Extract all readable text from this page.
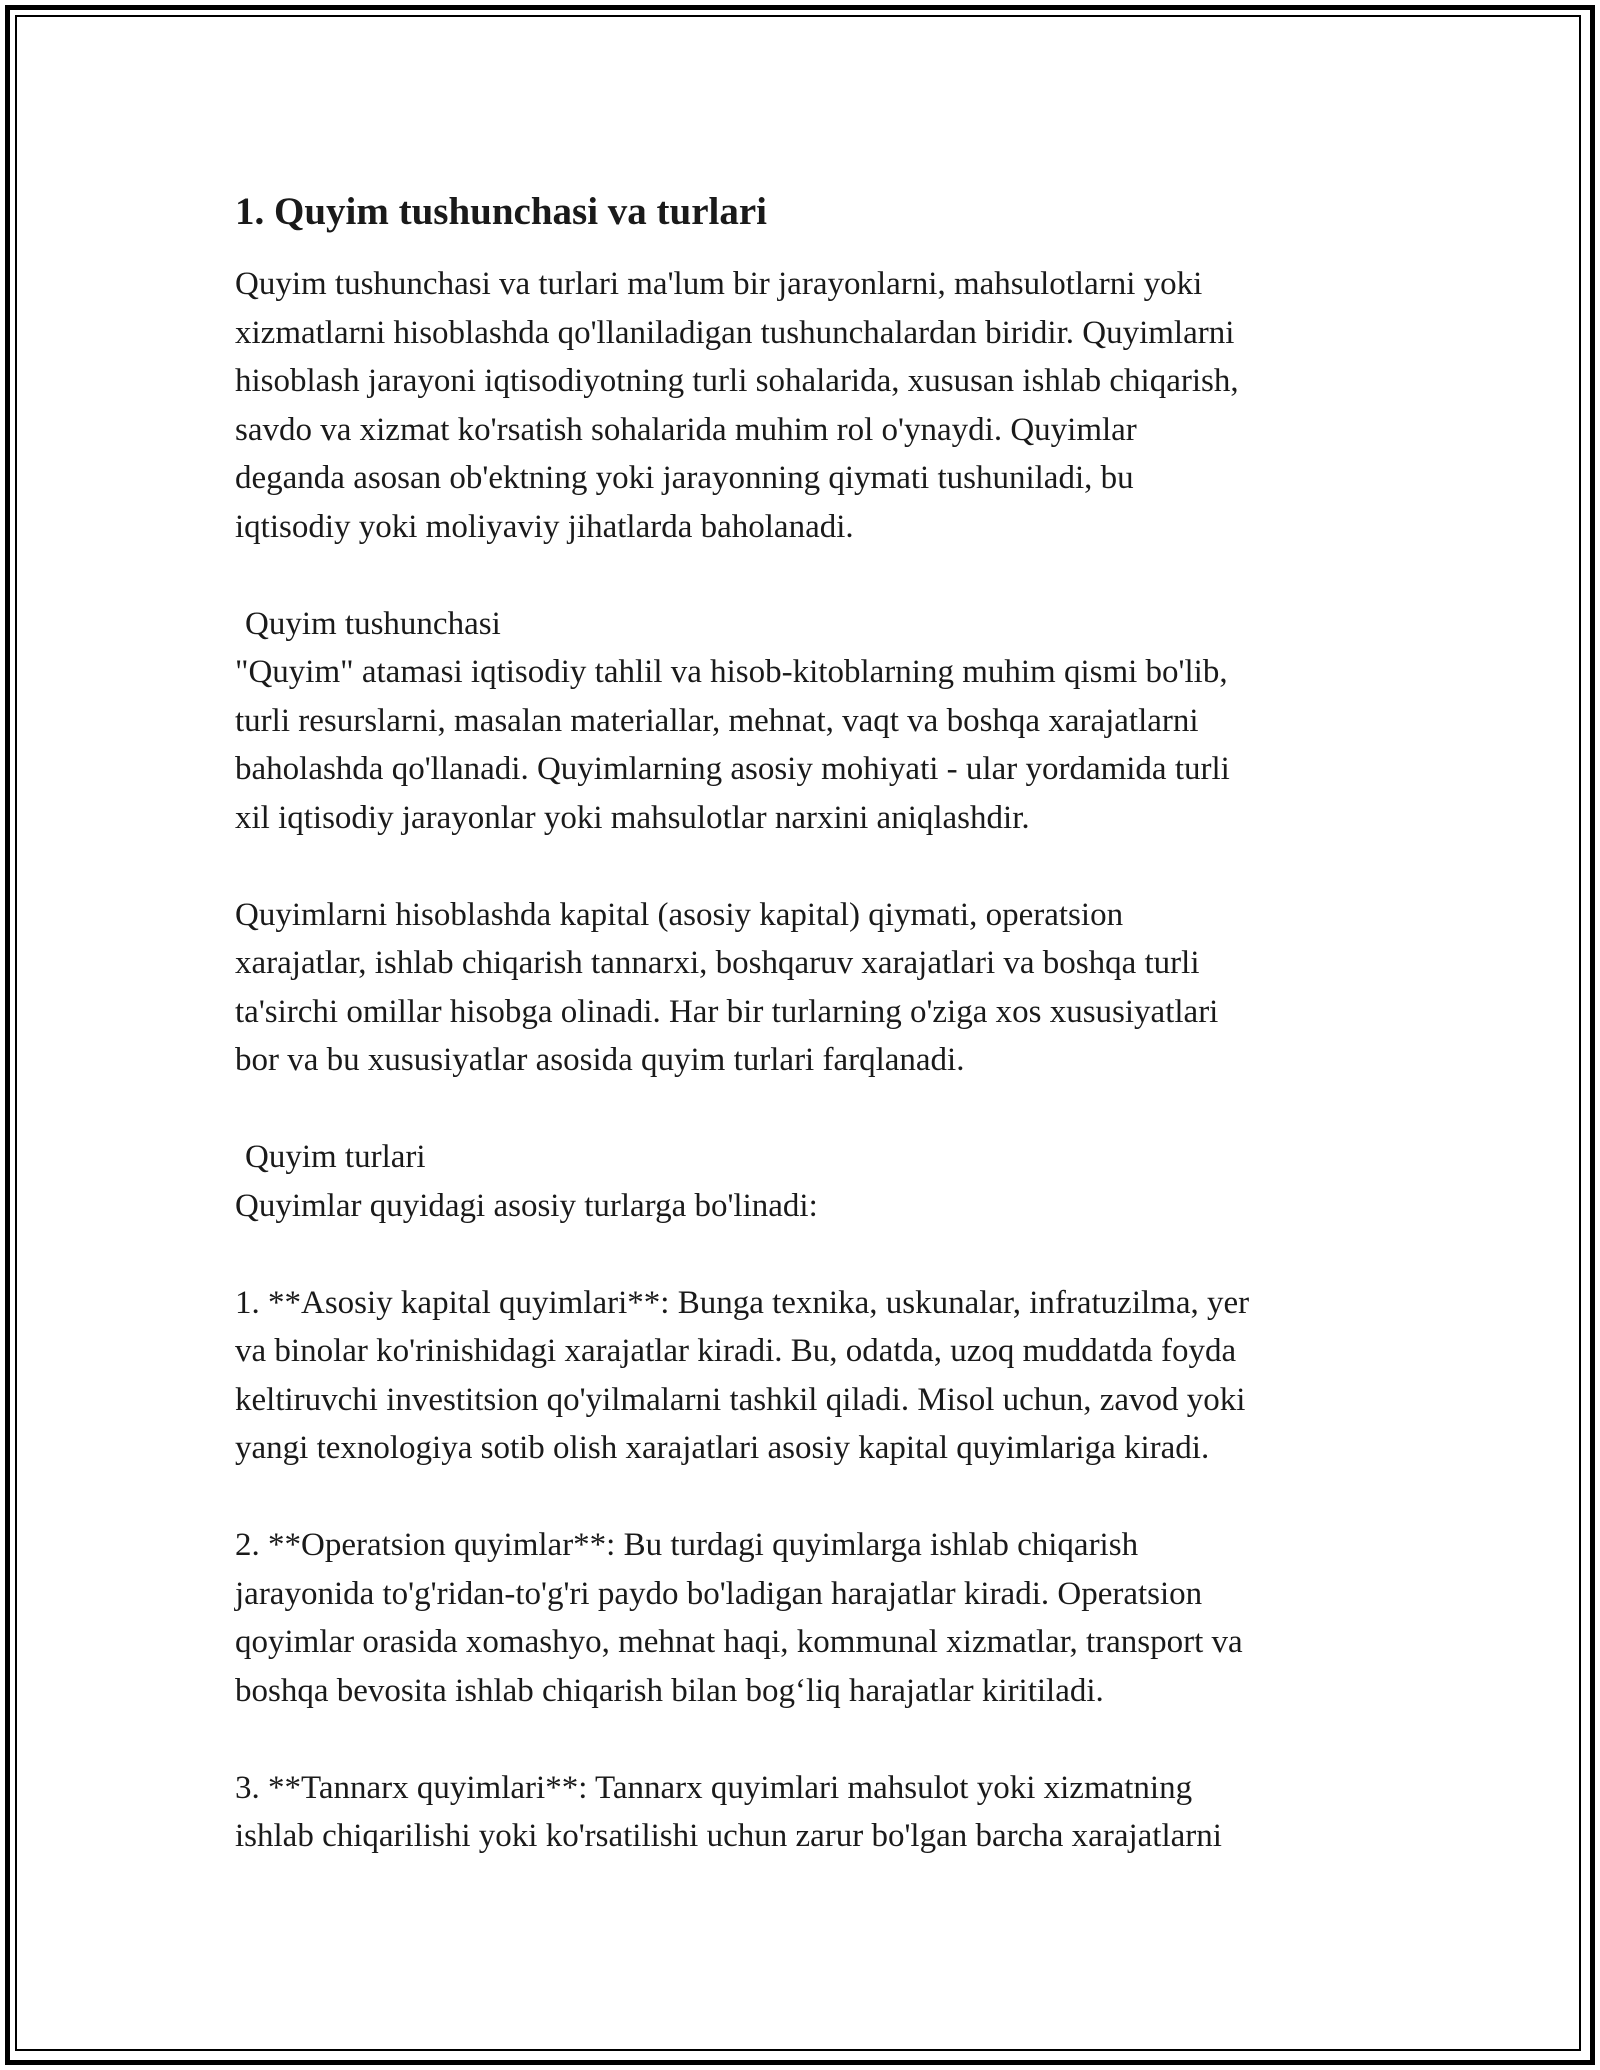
1. Quyim tushunchasi va turlari

Quyim tushunchasi va turlari ma'lum bir jarayonlarni, mahsulotlarni yoki
xizmatlarni hisoblashda qo'llaniladigan tushunchalardan biridir. Quyimlarni
hisoblash jarayoni iqtisodiyotning turli sohalarida, xususan ishlab chiqarish,
savdo va xizmat ko'rsatish sohalarida muhim rol o'ynaydi. Quyimlar
deganda asosan ob'ektning yoki jarayonning qiymati tushuniladi, bu
iqtisodiy yoki moliyaviy jihatlarda baholanadi.

Quyim tushunchasi

"Quyim" atamasi iqtisodiy tahlil va hisob-kitoblarning muhim qismi bo'lib,
turli resurslarni, masalan materiallar, mehnat, vaqt va boshqa xarajatlarni
baholashda qo'llanadi. Quyimlarning asosiy mohiyati - ular yordamida turli
xil iqtisodiy jarayonlar yoki mahsulotlar narxini aniqlashdir.

Quyimlarni hisoblashda kapital (asosiy kapital) qiymati, operatsion
xarajatlar, ishlab chiqarish tannarxi, boshqaruv xarajatlari va boshqa turli
ta'sirchi omillar hisobga olinadi. Har bir turlarning o'ziga xos xususiyatlari
bor va bu xususiyatlar asosida quyim turlari farqlanadi.

Quyim turlari

Quyimlar quyidagi asosiy turlarga bo'linadi:

1. **Asosiy kapital quyimlari**: Bunga texnika, uskunalar, infratuzilma, yer
va binolar ko'rinishidagi xarajatlar kiradi. Bu, odatda, uzoq muddatda foyda
keltiruvchi investitsion qo'yilmalarni tashkil qiladi. Misol uchun, zavod yoki
yangi texnologiya sotib olish xarajatlari asosiy kapital quyimlariga kiradi.

2. **Operatsion quyimlar**: Bu turdagi quyimlarga ishlab chiqarish
jarayonida to'g'ridan-to'g'ri paydo bo'ladigan harajatlar kiradi. Operatsion
qoyimlar orasida xomashyo, mehnat haqi, kommunal xizmatlar, transport va
boshqa bevosita ishlab chiqarish bilan bog‘liq harajatlar kiritiladi.

3. **Tannarx quyimlari**: Tannarx quyimlari mahsulot yoki xizmatning
ishlab chiqarilishi yoki ko'rsatilishi uchun zarur bo'lgan barcha xarajatlarni
